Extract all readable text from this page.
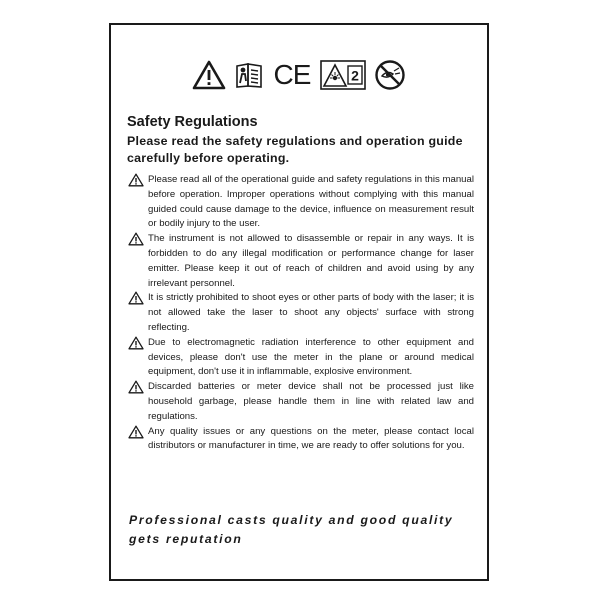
CE	2
Safety Regulations

Please read the safety regulations and operation guide carefully before operating.

Please read all of the operational guide and safety regulations in this manual before operation. Improper operations without complying with this manual guided could cause damage to the device, influence on measurement result or bodily injury to the user.
The instrument is not allowed to disassemble or repair in any ways. It is forbidden to do any illegal modification or performance change for laser emitter. Please keep it out of reach of children and avoid using by any irrelevant personnel.
It is strictly prohibited to shoot eyes or other parts of body with the laser; it is not allowed take the laser to shoot any objects' surface with strong reflecting.
Due to electromagnetic radiation interference to other equipment and devices, please don't use the meter in the plane or around medical equipment, don't use it in inflammable, explosive environment.
Discarded batteries or meter device shall not be processed just like household garbage, please handle them in line with related law and regulations.
Any quality issues or any questions on the meter, please contact local distributors or manufacturer in time, we are ready to offer solutions for you.

Professional casts quality and good quality gets reputation
